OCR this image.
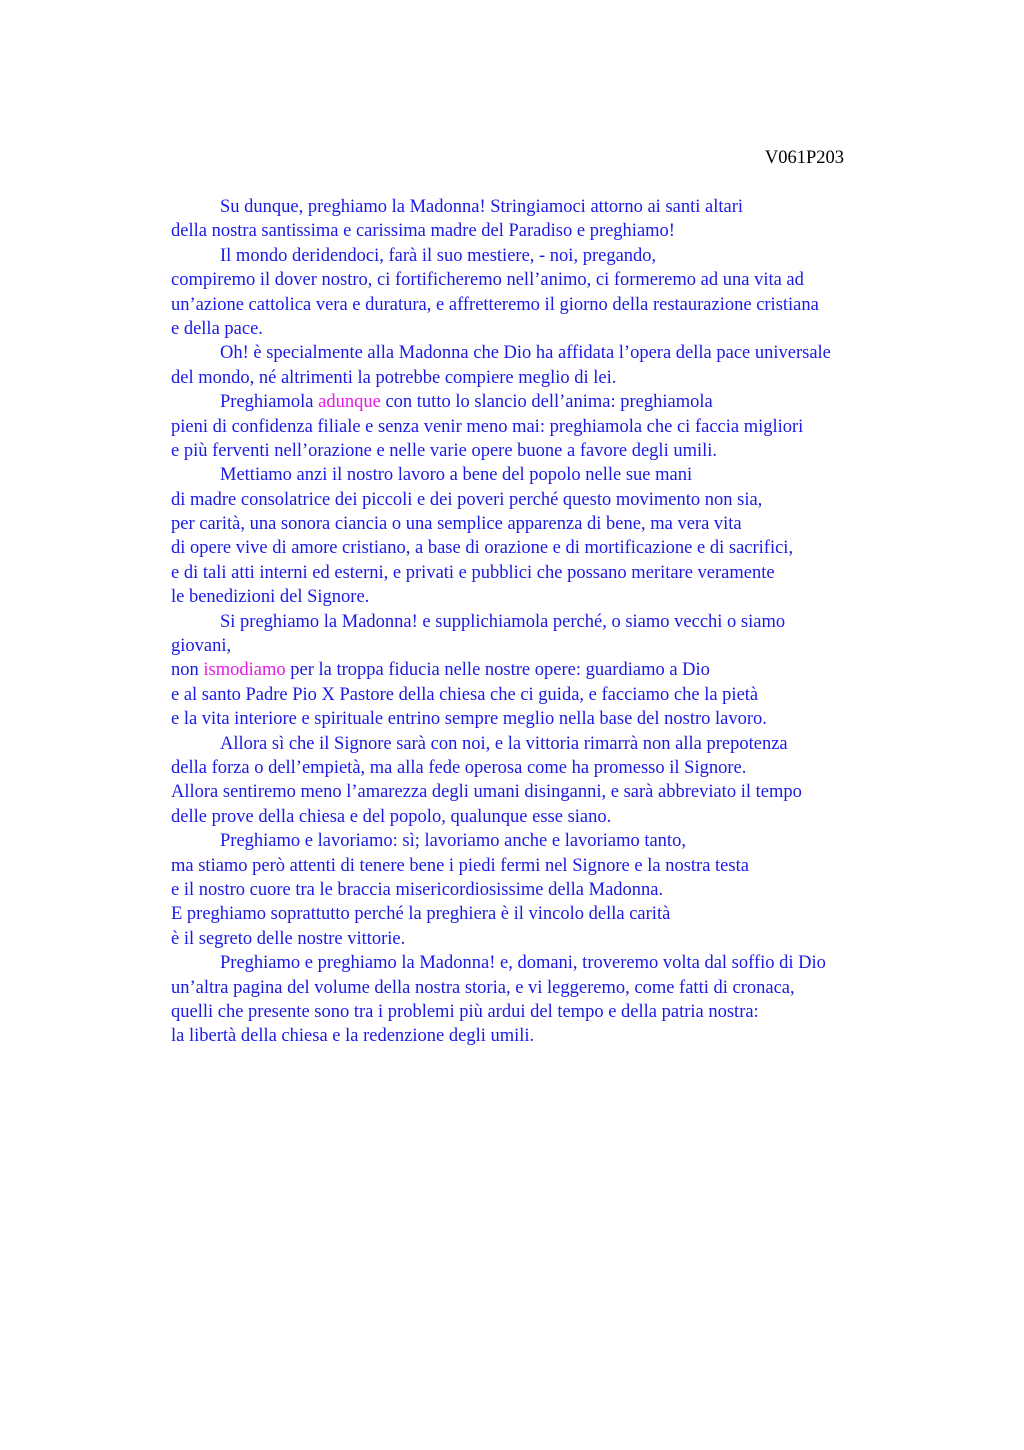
V061P203

Su dunque, preghiamo la Madonna! Stringiamoci attorno ai santi altari
della nostra santissima e carissima madre del Paradiso e preghiamo!
Il mondo deridendoci, farà il suo mestiere, - noi, pregando,
compiremo il dover nostro, ci fortificheremo nell’animo, ci formeremo ad una vita ad
un’azione cattolica vera e duratura, e affretteremo il giorno della restaurazione cristiana
e della pace.
Oh! è specialmente alla Madonna che Dio ha affidata l’opera della pace universale
del mondo, né altrimenti la potrebbe compiere meglio di lei.
Preghiamola adunque con tutto lo slancio dell’anima: preghiamola
pieni di confidenza filiale e senza venir meno mai: preghiamola che ci faccia migliori
e più ferventi nell’orazione e nelle varie opere buone a favore degli umili.
Mettiamo anzi il nostro lavoro a bene del popolo nelle sue mani
di madre consolatrice dei piccoli e dei poveri perché questo movimento non sia,
per carità, una sonora ciancia o una semplice apparenza di bene, ma vera vita
di opere vive di amore cristiano, a base di orazione e di mortificazione e di sacrifici,
e di tali atti interni ed esterni, e privati e pubblici che possano meritare veramente
le benedizioni del Signore.
Si preghiamo la Madonna! e supplichiamola perché, o siamo vecchi o siamo
giovani,
non ismodiamo per la troppa fiducia nelle nostre opere: guardiamo a Dio
e al santo Padre Pio X Pastore della chiesa che ci guida, e facciamo che la pietà
e la vita interiore e spirituale entrino sempre meglio nella base del nostro lavoro.
Allora sì che il Signore sarà con noi, e la vittoria rimarrà non alla prepotenza
della forza o dell’empietà, ma alla fede operosa come ha promesso il Signore.
Allora sentiremo meno l’amarezza degli umani disinganni, e sarà abbreviato il tempo
delle prove della chiesa e del popolo, qualunque esse siano.
Preghiamo e lavoriamo: sì; lavoriamo anche e lavoriamo tanto,
ma stiamo però attenti di tenere bene i piedi fermi nel Signore e la nostra testa
e il nostro cuore tra le braccia misericordiosissime della Madonna.
E preghiamo soprattutto perché la preghiera è il vincolo della carità
è il segreto delle nostre vittorie.
Preghiamo e preghiamo la Madonna! e, domani, troveremo volta dal soffio di Dio
un’altra pagina del volume della nostra storia, e vi leggeremo, come fatti di cronaca,
quelli che presente sono tra i problemi più ardui del tempo e della patria nostra:
la libertà della chiesa e la redenzione degli umili.
